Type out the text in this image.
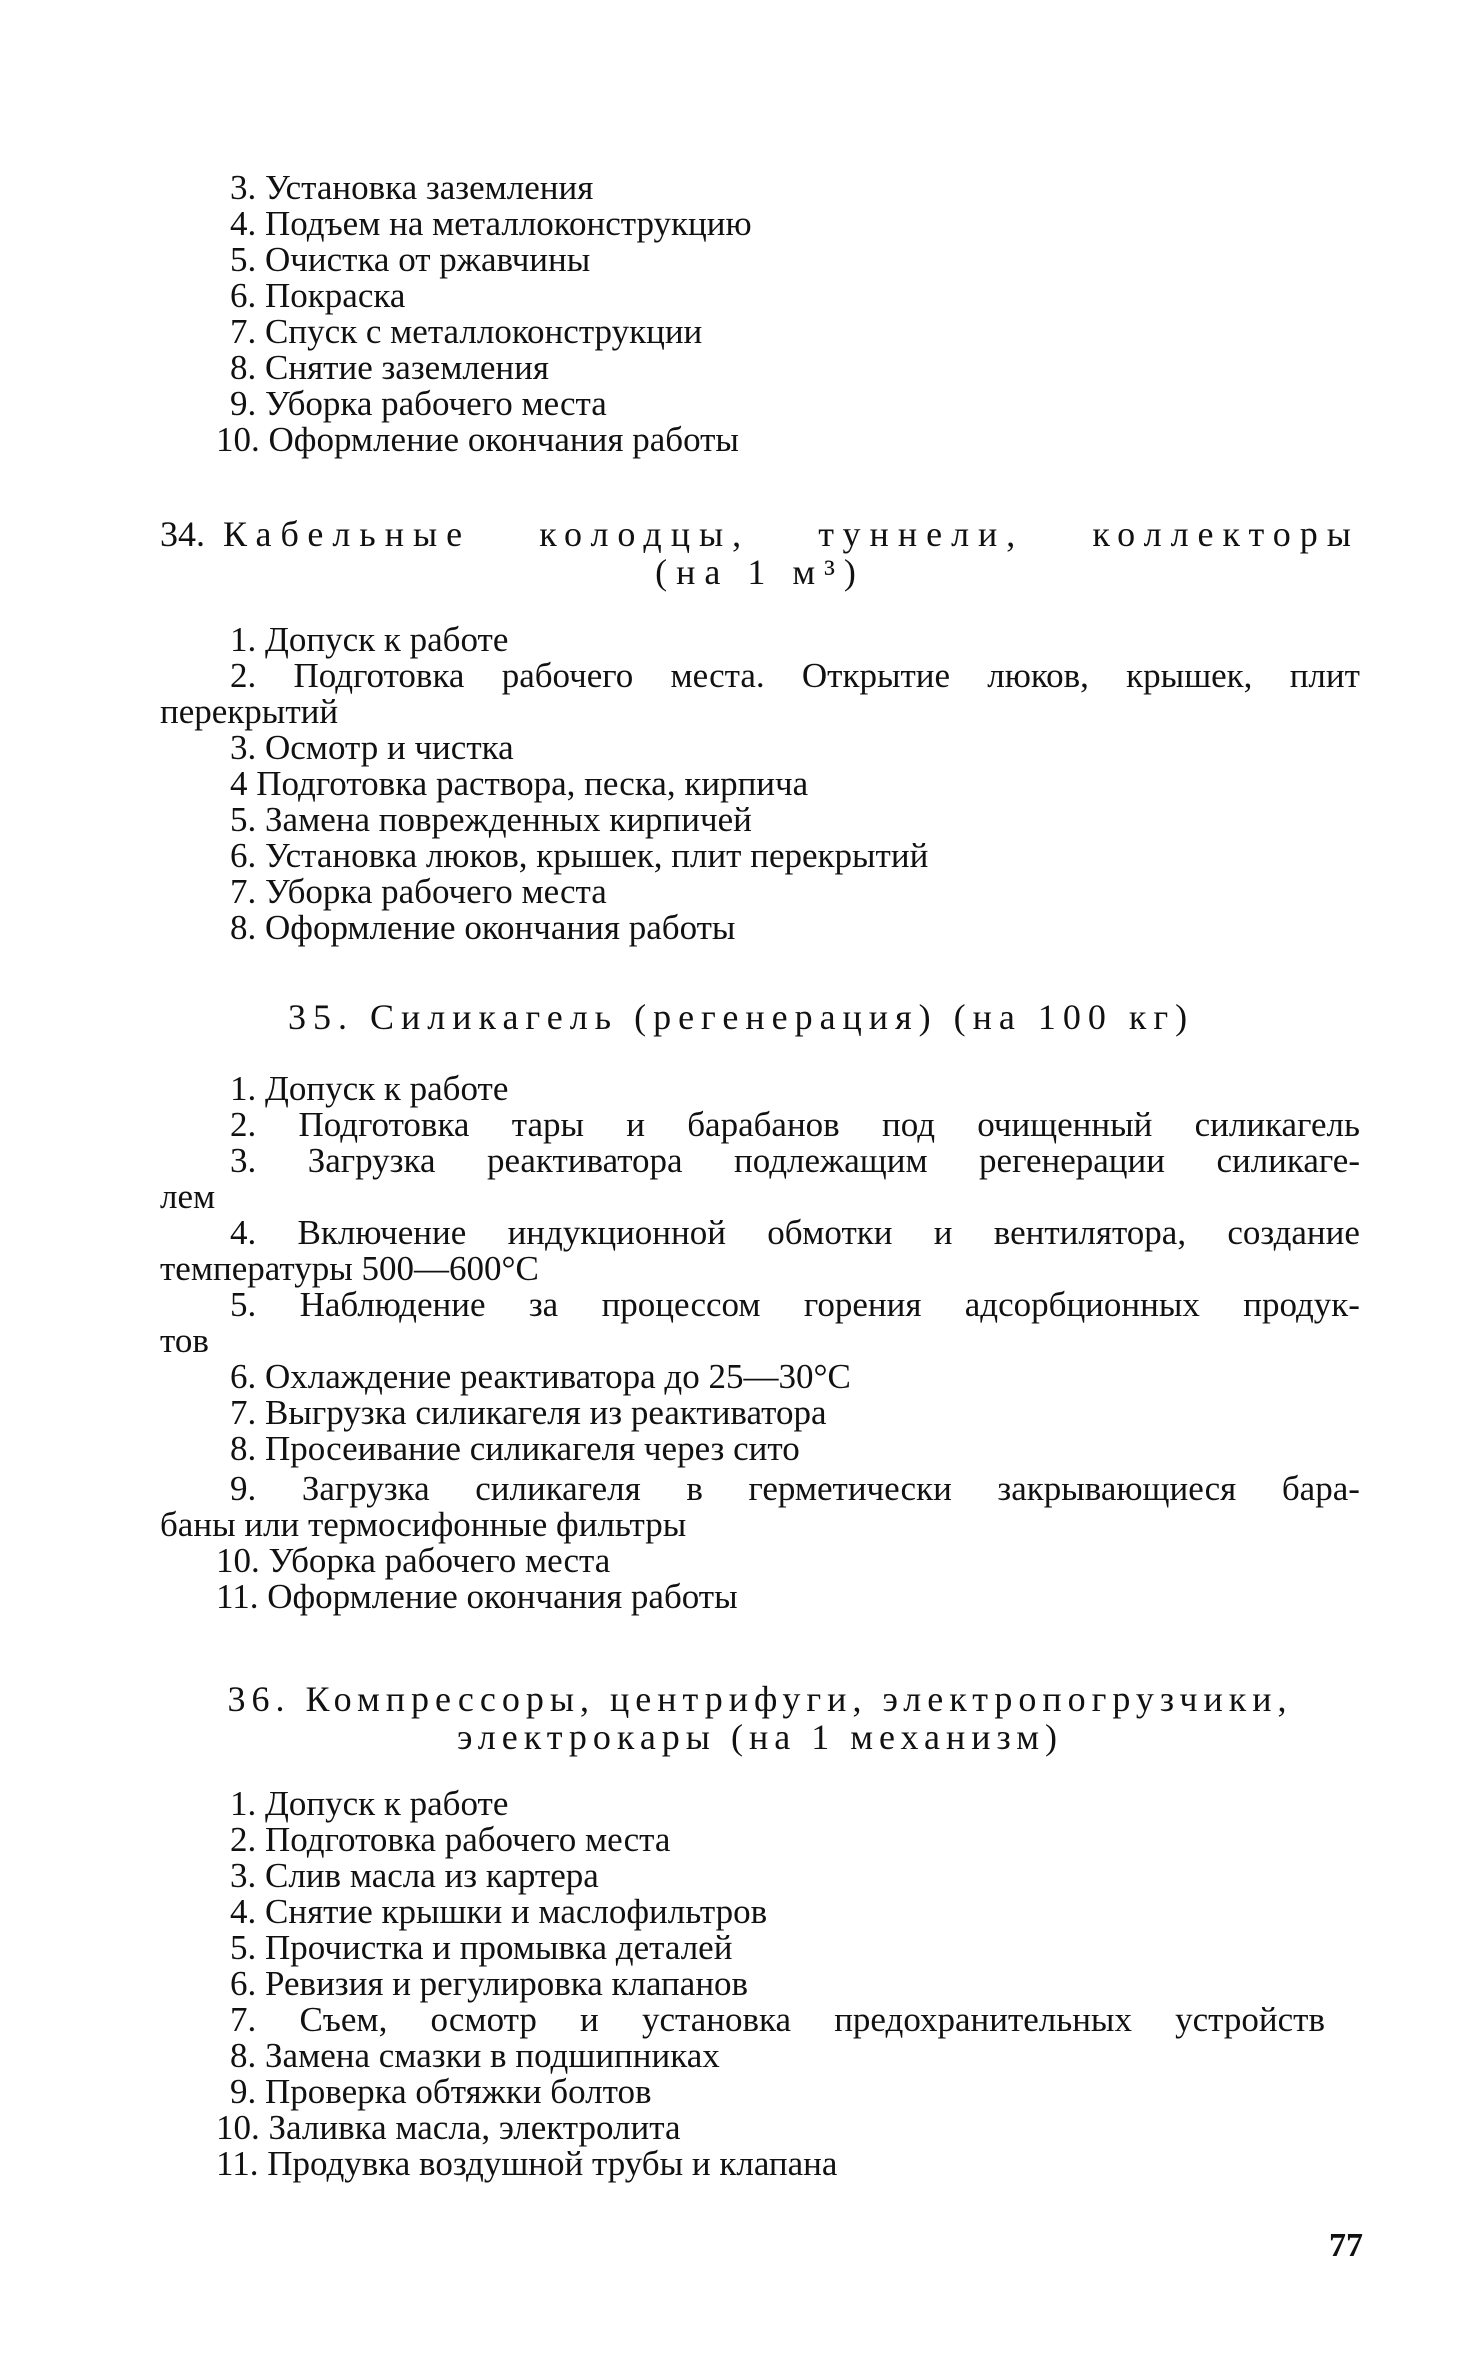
3. Установка заземления
4. Подъем на металлоконструкцию
5. Очистка от ржавчины
6. Покраска
7. Спуск с металлоконструкции
8. Снятие заземления
9. Уборка рабочего места
10. Оформление окончания работы
34. Кабельные колодцы, туннели, коллекторы
(на 1 м³)
1. Допуск к работе
2. Подготовка рабочего места. Открытие люков, крышек, плит
перекрытий
3. Осмотр и чистка
4 Подготовка раствора, песка, кирпича
5. Замена поврежденных кирпичей
6. Установка люков, крышек, плит перекрытий
7. Уборка рабочего места
8. Оформление окончания работы
35. Силикагель (регенерация) (на 100 кг)
1. Допуск к работе
2. Подготовка тары и барабанов под очищенный силикагель
3. Загрузка реактиватора подлежащим регенерации силикаге-
лем
4. Включение индукционной обмотки и вентилятора, создание
температуры 500—600°С
5. Наблюдение за процессом горения адсорбционных продук-
тов
6. Охлаждение реактиватора до 25—30°С
7. Выгрузка силикагеля из реактиватора
8. Просеивание силикагеля через сито
9. Загрузка силикагеля в герметически закрывающиеся бара-
баны или термосифонные фильтры
10. Уборка рабочего места
11. Оформление окончания работы
36. Компрессоры, центрифуги, электропогрузчики,
электрокары (на 1 механизм)
1. Допуск к работе
2. Подготовка рабочего места
3. Слив масла из картера
4. Снятие крышки и маслофильтров
5. Прочистка и промывка деталей
6. Ревизия и регулировка клапанов
7. Съем, осмотр и установка предохранительных устройств
8. Замена смазки в подшипниках
9. Проверка обтяжки болтов
10. Заливка масла, электролита
11. Продувка воздушной трубы и клапана
77
